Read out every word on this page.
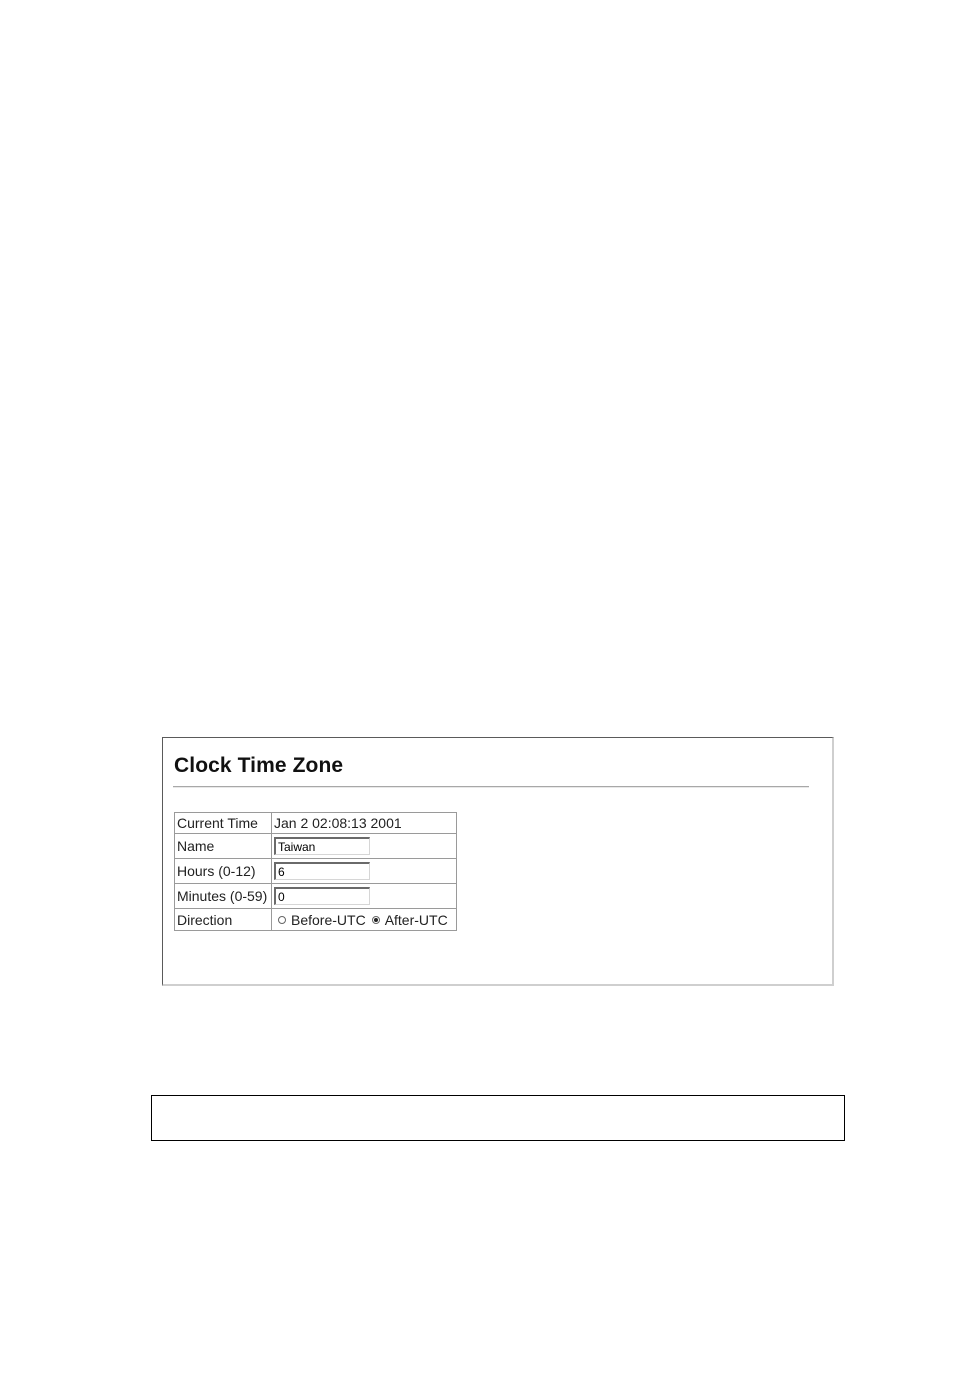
Clock Time Zone
Current Time	Jan 2 02:08:13 2001
Name	Taiwan
Hours (0-12)	6
Minutes (0-59)	0
Direction	Before-UTC After-UTC
